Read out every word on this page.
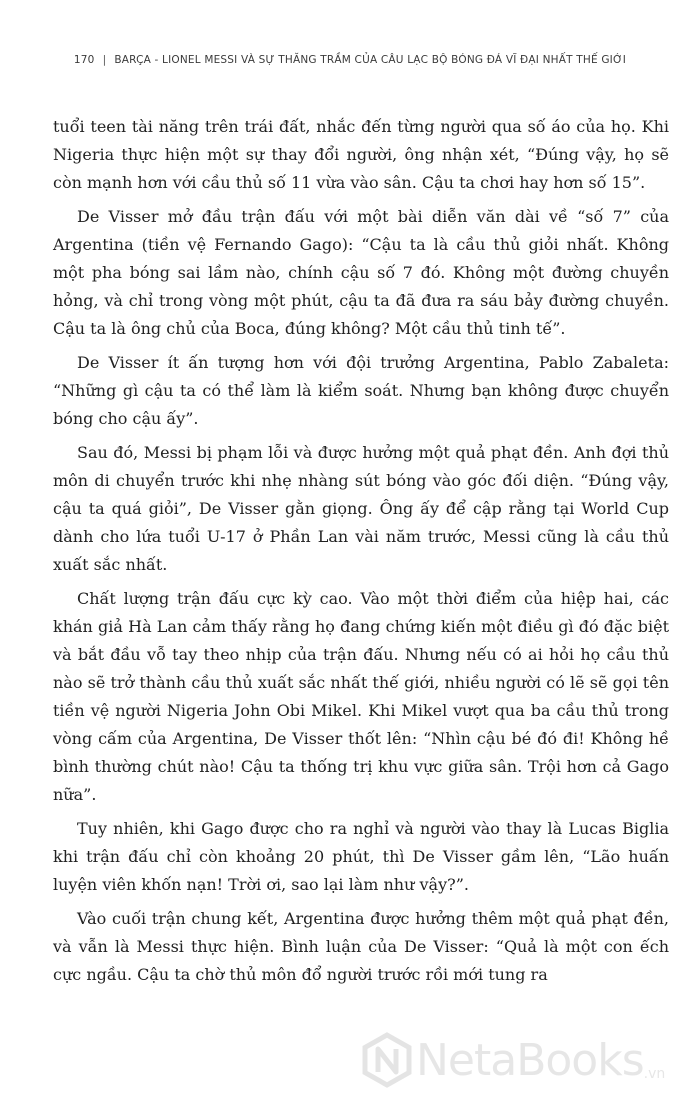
170 | BARÇA - LIONEL MESSI VÀ SỰ THĂNG TRẦM CỦA CÂU LẠC BỘ BÓNG ĐÁ VĨ ĐẠI NHẤT THẾ GIỚI

tuổi teen tài năng trên trái đất, nhắc đến từng người qua số áo của họ. Khi Nigeria thực hiện một sự thay đổi người, ông nhận xét, “Đúng vậy, họ sẽ còn mạnh hơn với cầu thủ số 11 vừa vào sân. Cậu ta chơi hay hơn số 15”.

De Visser mở đầu trận đấu với một bài diễn văn dài về “số 7” của Argentina (tiền vệ Fernando Gago): “Cậu ta là cầu thủ giỏi nhất. Không một pha bóng sai lầm nào, chính cậu số 7 đó. Không một đường chuyền hỏng, và chỉ trong vòng một phút, cậu ta đã đưa ra sáu bảy đường chuyền. Cậu ta là ông chủ của Boca, đúng không? Một cầu thủ tinh tế”.

De Visser ít ấn tượng hơn với đội trưởng Argentina, Pablo Zabaleta: “Những gì cậu ta có thể làm là kiểm soát. Nhưng bạn không được chuyển bóng cho cậu ấy”.

Sau đó, Messi bị phạm lỗi và được hưởng một quả phạt đền. Anh đợi thủ môn di chuyển trước khi nhẹ nhàng sút bóng vào góc đối diện. “Đúng vậy, cậu ta quá giỏi”, De Visser gằn giọng. Ông ấy để cập rằng tại World Cup dành cho lứa tuổi U-17 ở Phần Lan vài năm trước, Messi cũng là cầu thủ xuất sắc nhất.

Chất lượng trận đấu cực kỳ cao. Vào một thời điểm của hiệp hai, các khán giả Hà Lan cảm thấy rằng họ đang chứng kiến một điều gì đó đặc biệt và bắt đầu vỗ tay theo nhịp của trận đấu. Nhưng nếu có ai hỏi họ cầu thủ nào sẽ trở thành cầu thủ xuất sắc nhất thế giới, nhiều người có lẽ sẽ gọi tên tiền vệ người Nigeria John Obi Mikel. Khi Mikel vượt qua ba cầu thủ trong vòng cấm của Argentina, De Visser thốt lên: “Nhìn cậu bé đó đi! Không hề bình thường chút nào! Cậu ta thống trị khu vực giữa sân. Trội hơn cả Gago nữa”.

Tuy nhiên, khi Gago được cho ra nghỉ và người vào thay là Lucas Biglia khi trận đấu chỉ còn khoảng 20 phút, thì De Visser gầm lên, “Lão huấn luyện viên khốn nạn! Trời ơi, sao lại làm như vậy?”.

Vào cuối trận chung kết, Argentina được hưởng thêm một quả phạt đền, và vẫn là Messi thực hiện. Bình luận của De Visser: “Quả là một con ếch cực ngầu. Cậu ta chờ thủ môn đổ người trước rồi mới tung ra

NetaBooks .vn
